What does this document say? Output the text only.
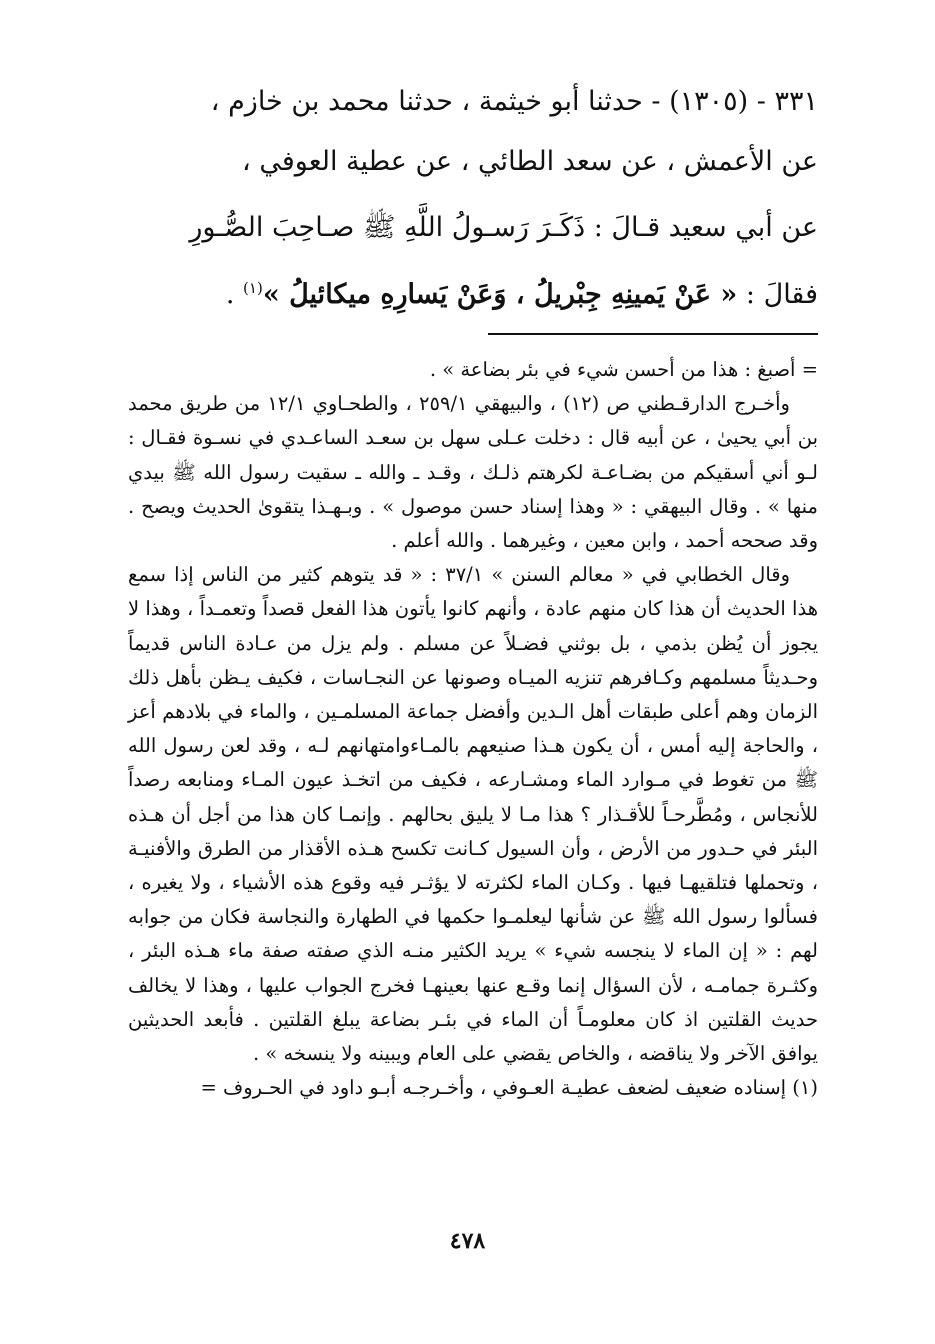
٣٣١ - (١٣٠٥) - حدثنا أبو خيثمة ، حدثنا محمد بن خازم ،

عن الأعمش ، عن سعد الطائي ، عن عطية العوفي ،

عن أبي سعيد قـالَ : ذَكَـرَ رَسـولُ اللَّهِ ﷺ صـاحِبَ الصُّـورِ

فقالَ : « عَنْ يَمينِهِ جِبْريلُ ، وَعَنْ يَسارِهِ ميكائيلُ »$^{(١)}$ .

= أصبغ : هذا من أحسن شيء في بئر بضاعة » .

وأخـرج الدارقـطني ص (١٢) ، والبيهقي ٢٥٩/١ ، والطحـاوي ١٢/١ من طريق محمد بن أبي يحيىٰ ، عن أبيه قال : دخلت عـلى سهل بن سعـد الساعـدي في نسـوة فقـال : لـو أني أسقيكم من بضـاعـة لكرهتم ذلـك ، وقـد ـ والله ـ سقيت رسول الله ﷺ بيدي منها » . وقال البيهقي : « وهذا إسناد حسن موصول » . وبـهـذا يتقوىٰ الحديث ويصح . وقد صححه أحمد ، وابن معين ، وغيرهما . والله أعلم .

وقال الخطابي في « معالم السنن » ٣٧/١ : « قد يتوهم كثير من الناس إذا سمع هذا الحديث أن هذا كان منهم عادة ، وأنهم كانوا يأتون هذا الفعل قصداً وتعمـداً ، وهذا لا يجوز أن يُظن بذمي ، بل بوثني فضـلاً عن مسلم . ولم يزل من عـادة الناس قديماً وحـديثاً مسلمهم وكـافرهم تنزيه الميـاه وصونها عن النجـاسات ، فكيف يـظن بأهل ذلك الزمان وهم أعلى طبقات أهل الـدين وأفضل جماعة المسلمـين ، والماء في بلادهم أعز ، والحاجة إليه أمس ، أن يكون هـذا صنيعهم بالمـاءوامتهانهم لـه ، وقد لعن رسول الله ﷺ من تغوط في مـوارد الماء ومشـارعه ، فكيف من اتخـذ عيون المـاء ومنابعه رصداً للأنجاس ، ومُطَّرحـاً للأقـذار ؟ هذا مـا لا يليق بحالهم . وإنمـا كان هذا من أجل أن هـذه البئر في حـدور من الأرض ، وأن السيول كـانت تكسح هـذه الأقذار من الطرق والأفنيـة ، وتحملها فتلقيهـا فيها . وكـان الماء لكثرته لا يؤثـر فيه وقوع هذه الأشياء ، ولا يغيره ، فسألوا رسول الله ﷺ عن شأنها ليعلمـوا حكمها في الطهارة والنجاسة فكان من جوابه لهم : « إن الماء لا ينجسه شيء » يريد الكثير منـه الذي صفته صفة ماء هـذه البئر ، وكثـرة جمامـه ، لأن السؤال إنما وقـع عنها بعينهـا فخرج الجواب عليها ، وهذا لا يخالف حديث القلتين اذ كان معلومـاً أن الماء في بئـر بضاعة يبلغ القلتين . فأبعد الحديثين يوافق الآخر ولا يناقضه ، والخاص يقضي على العام ويبينه ولا ينسخه » .

(١) إسناده ضعيف لضعف عطيـة العـوفي ، وأخـرجـه أبـو داود في الحـروف =

٤٧٨
